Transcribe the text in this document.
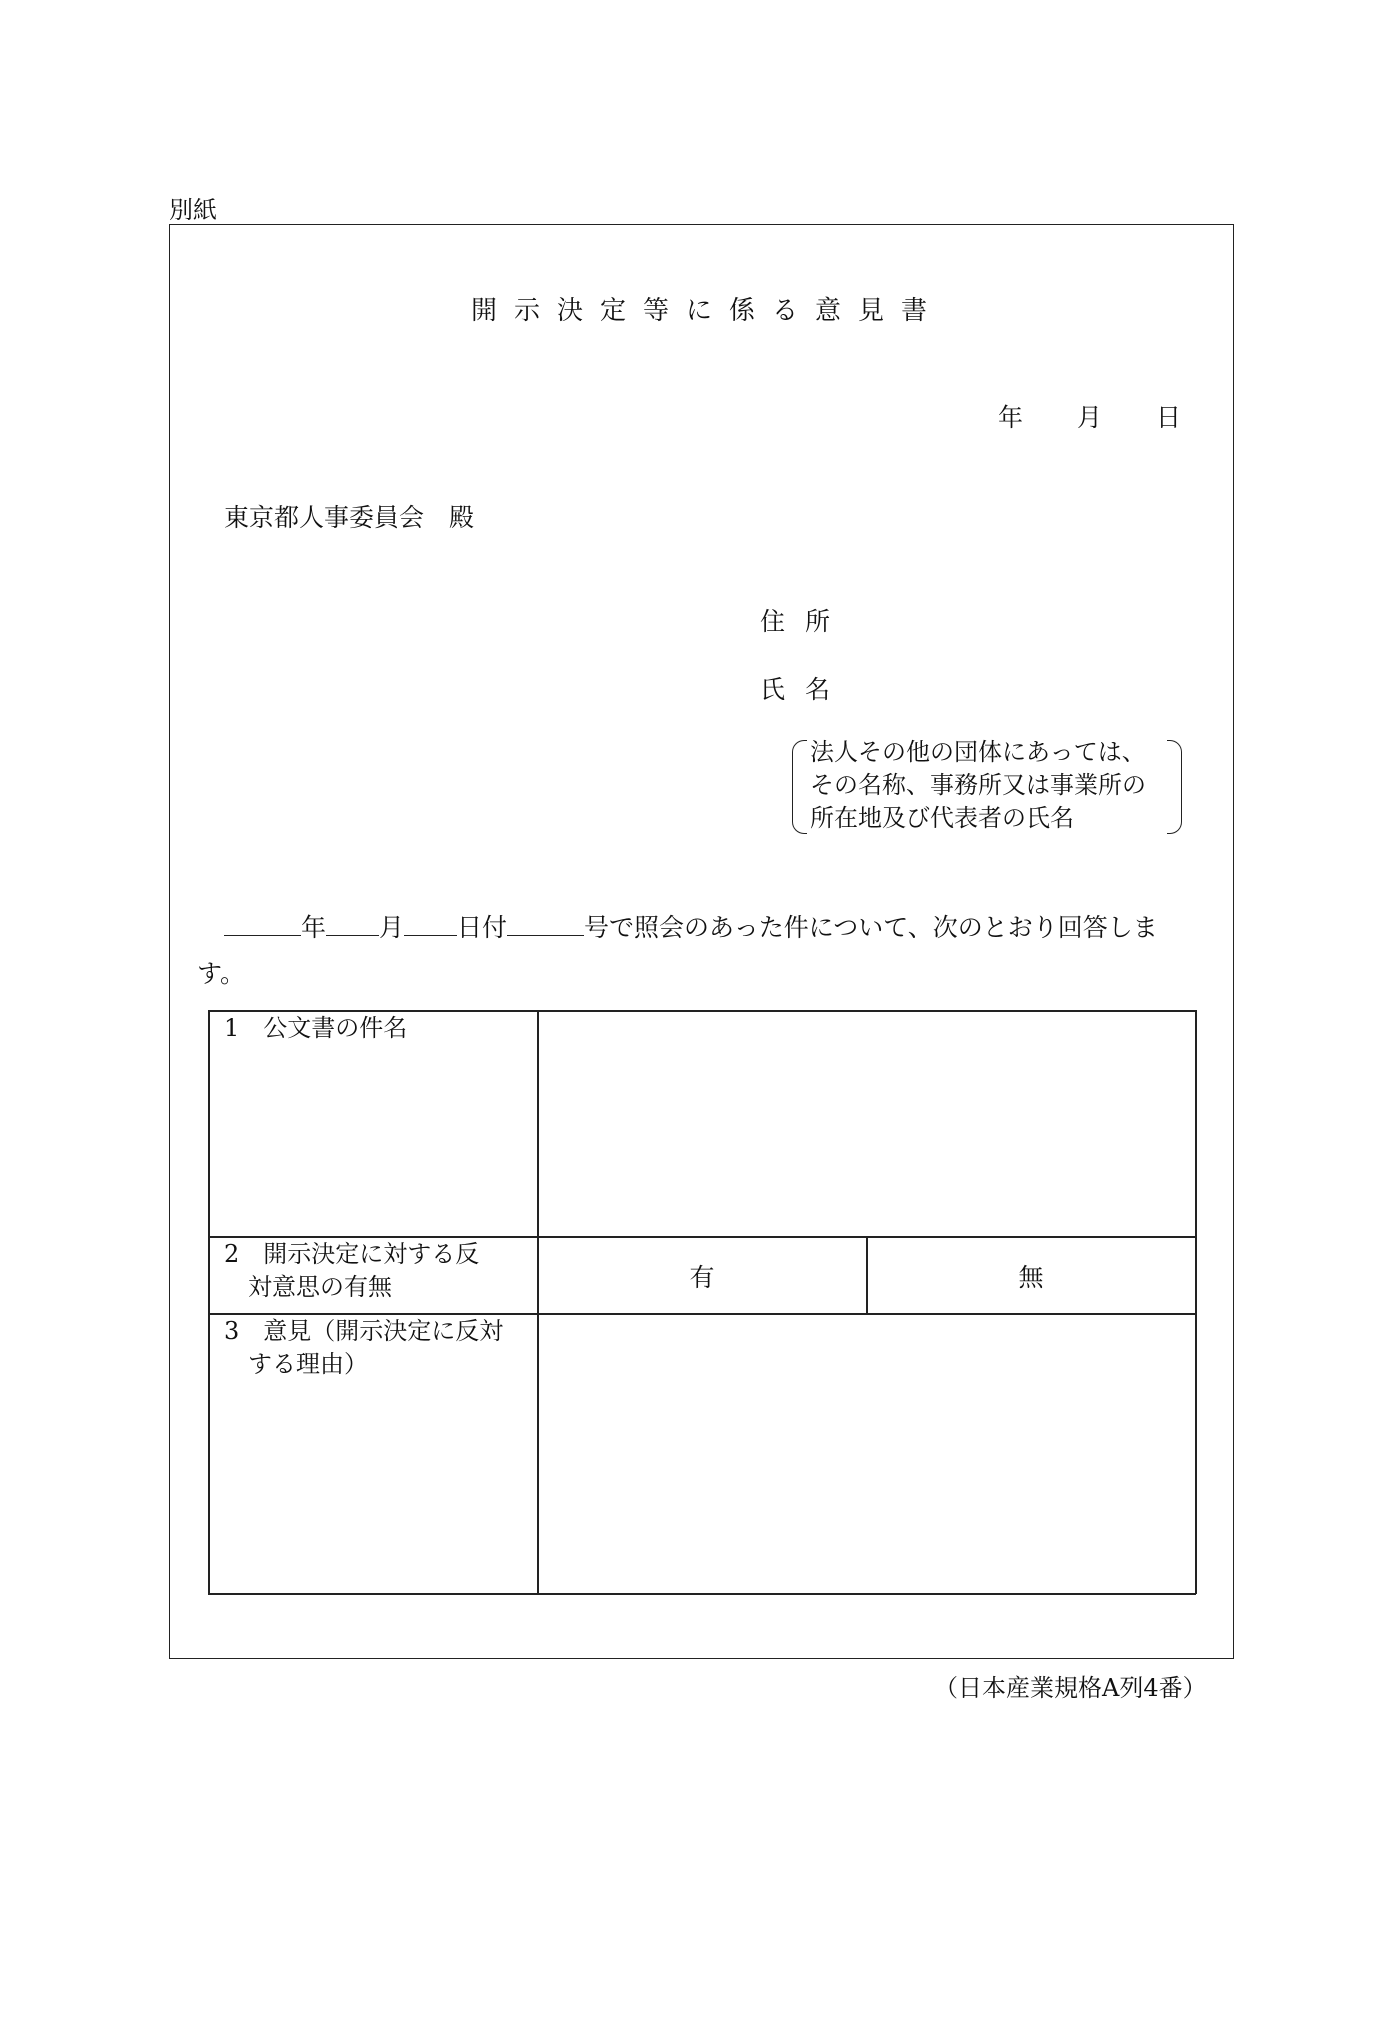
別紙
開示決定等に係る意見書
年 月 日
東京都人事委員会　殿
住所
氏名
法人その他の団体にあっては、
その名称、事務所又は事業所の
所在地及び代表者の氏名
年 月 日付	号で照会のあった件について、次のとおり回答しま
す。
1　公文書の件名
2　開示決定に対する反
　対意思の有無	有	無
3　意見（開示決定に反対
　する理由）
（日本産業規格A列4番）
